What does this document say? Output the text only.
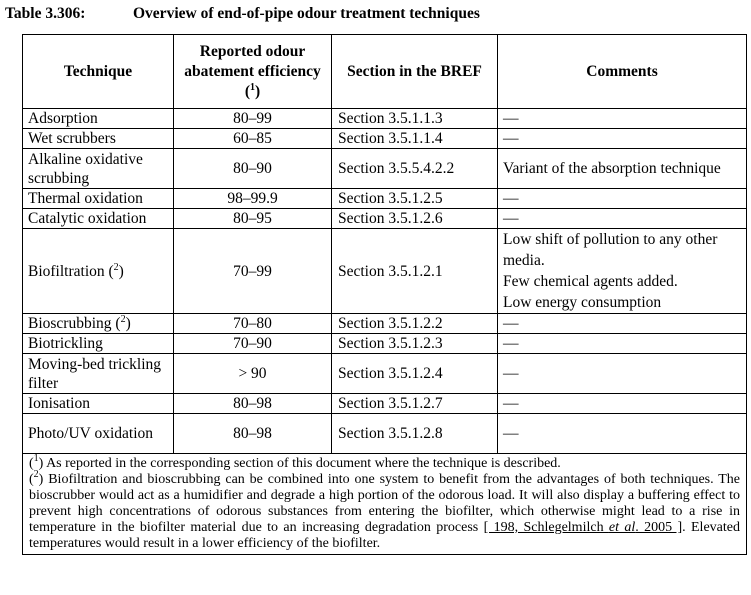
Table 3.306:	Overview of end-of-pipe odour treatment techniques
Technique	Reported odour abatement efficiency ($^1$)	Section in the BREF	Comments
Adsorption	80–99	Section 3.5.1.1.3	—
Wet scrubbers	60–85	Section 3.5.1.1.4	—
Alkaline oxidative scrubbing	80–90	Section 3.5.5.4.2.2	Variant of the absorption technique
Thermal oxidation	98–99.9	Section 3.5.1.2.5	—
Catalytic oxidation	80–95	Section 3.5.1.2.6	—
Biofiltration ($^2$)	70–99	Section 3.5.1.2.1	Low shift of pollution to any other media.
Few chemical agents added.
Low energy consumption
Bioscrubbing ($^2$)	70–80	Section 3.5.1.2.2	—
Biotrickling	70–90	Section 3.5.1.2.3	—
Moving-bed trickling filter	> 90	Section 3.5.1.2.4	—
Ionisation	80–98	Section 3.5.1.2.7	—
Photo/UV oxidation	80–98	Section 3.5.1.2.8	—

($^1$) As reported in the corresponding section of this document where the technique is described.
($^2$) Biofiltration and bioscrubbing can be combined into one system to benefit from the advantages of both techniques. The bioscrubber would act as a humidifier and degrade a high portion of the odorous load. It will also display a buffering effect to prevent high concentrations of odorous substances from entering the biofilter, which otherwise might lead to a rise in temperature in the biofilter material due to an increasing degradation process [ 198, Schlegelmilch et al. 2005 ]. Elevated temperatures would result in a lower efficiency of the biofilter.			
